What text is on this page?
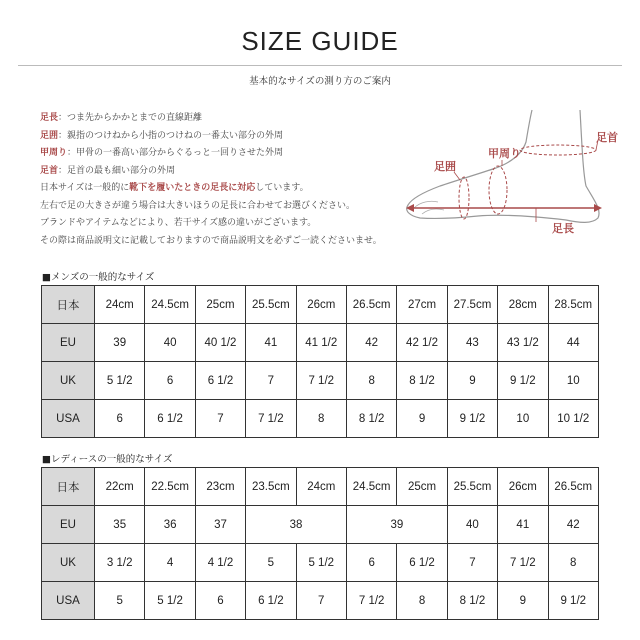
SIZE GUIDE
基本的なサイズの測り方のご案内
足長：つま先からかかとまでの直線距離
足囲：親指のつけねから小指のつけねの一番太い部分の外周
甲周り：甲骨の一番高い部分からぐるっと一回りさせた外周
足首：足首の最も細い部分の外周
日本サイズは一般的に靴下を履いたときの足長に対応しています。
左右で足の大きさが違う場合は大きいほうの足長に合わせてお選びください。
ブランドやアイテムなどにより、若干サイズ感の違いがございます。
その際は商品説明文に記載しておりますので商品説明文を必ずご一読くださいませ。
足首
甲周り
足囲
足長
■メンズの一般的なサイズ
日本	24cm	24.5cm	25cm	25.5cm	26cm	26.5cm	27cm	27.5cm	28cm	28.5cm
EU	39	40	40 1/2	41	41 1/2	42	42 1/2	43	43 1/2	44
UK	5 1/2	6	6 1/2	7	7 1/2	8	8 1/2	9	9 1/2	10
USA	6	6 1/2	7	7 1/2	8	8 1/2	9	9 1/2	10	10 1/2
■レディースの一般的なサイズ
日本	22cm	22.5cm	23cm	23.5cm	24cm	24.5cm	25cm	25.5cm	26cm	26.5cm
EU	35	36	37	38		39		40	41	42
UK	3 1/2	4	4 1/2	5	5 1/2	6	6 1/2	7	7 1/2	8
USA	5	5 1/2	6	6 1/2	7	7 1/2	8	8 1/2	9	9 1/2
